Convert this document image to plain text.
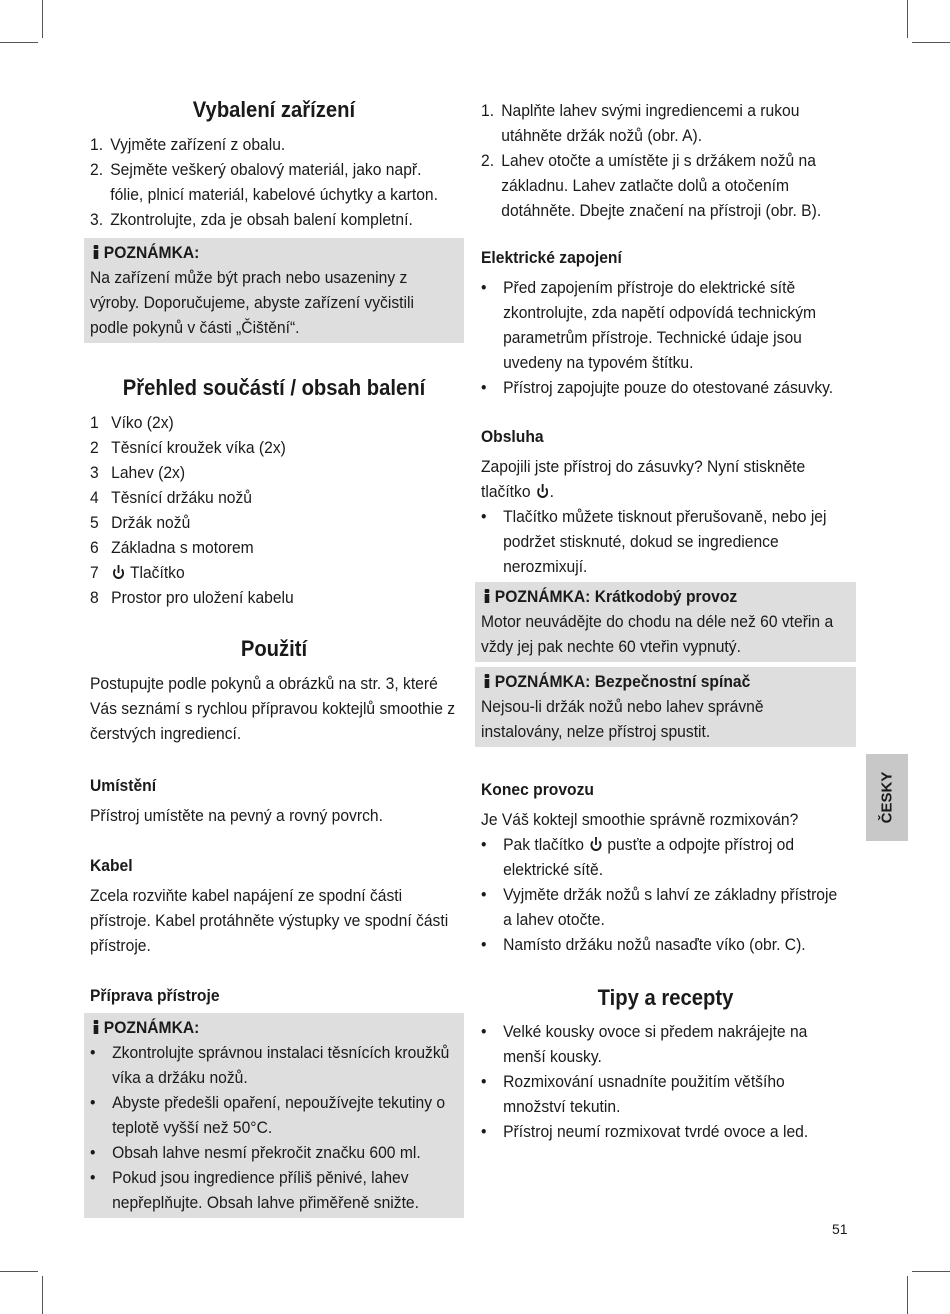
Vybalení zařízení
1. Vyjměte zařízení z obalu.
2. Sejměte veškerý obalový materiál, jako např. fólie, plnicí materiál, kabelové úchytky a karton.
3. Zkontrolujte, zda je obsah balení kompletní.
POZNÁMKA:
Na zařízení může být prach nebo usazeniny z výroby. Doporučujeme, abyste zařízení vyčistili podle pokynů v části „Čištění“.
Přehled součástí / obsah balení
1 Víko (2x)
2 Těsnící kroužek víka (2x)
3 Lahev (2x)
4 Těsnící držáku nožů
5 Držák nožů
6 Základna s motorem
7 Tlačítko
8 Prostor pro uložení kabelu
Použití
Postupujte podle pokynů a obrázků na str. 3, které Vás seznámí s rychlou přípravou koktejlů smoothie z čerstvých ingrediencí.
Umístění
Přístroj umístěte na pevný a rovný povrch.
Kabel
Zcela rozviňte kabel napájení ze spodní části přístroje. Kabel protáhněte výstupky ve spodní části přístroje.
Příprava přístroje
POZNÁMKA:
• Zkontrolujte správnou instalaci těsnících kroužků víka a držáku nožů.
• Abyste předešli opaření, nepoužívejte tekutiny o teplotě vyšší než 50°C.
• Obsah lahve nesmí překročit značku 600 ml.
• Pokud jsou ingredience příliš pěnivé, lahev nepřeplňujte. Obsah lahve přiměřeně snižte.
1. Naplňte lahev svými ingrediencemi a rukou utáhněte držák nožů (obr. A).
2. Lahev otočte a umístěte ji s držákem nožů na základnu. Lahev zatlačte dolů a otočením dotáhněte. Dbejte značení na přístroji (obr. B).
Elektrické zapojení
• Před zapojením přístroje do elektrické sítě zkontrolujte, zda napětí odpovídá technickým parametrům přístroje. Technické údaje jsou uvedeny na typovém štítku.
• Přístroj zapojujte pouze do otestované zásuvky.
Obsluha
Zapojili jste přístroj do zásuvky? Nyní stiskněte tlačítko .
• Tlačítko můžete tisknout přerušovaně, nebo jej podržet stisknuté, dokud se ingredience nerozmixují.
POZNÁMKA: Krátkodobý provoz
Motor neuvádějte do chodu na déle než 60 vteřin a vždy jej pak nechte 60 vteřin vypnutý.
POZNÁMKA: Bezpečnostní spínač
Nejsou-li držák nožů nebo lahev správně instalovány, nelze přístroj spustit.
Konec provozu
Je Váš koktejl smoothie správně rozmixován?
• Pak tlačítko pusťte a odpojte přístroj od elektrické sítě.
• Vyjměte držák nožů s lahví ze základny přístroje a lahev otočte.
• Namísto držáku nožů nasaďte víko (obr. C).
Tipy a recepty
• Velké kousky ovoce si předem nakrájejte na menší kousky.
• Rozmixování usnadníte použitím většího množství tekutin.
• Přístroj neumí rozmixovat tvrdé ovoce a led.
ČESKY
51
